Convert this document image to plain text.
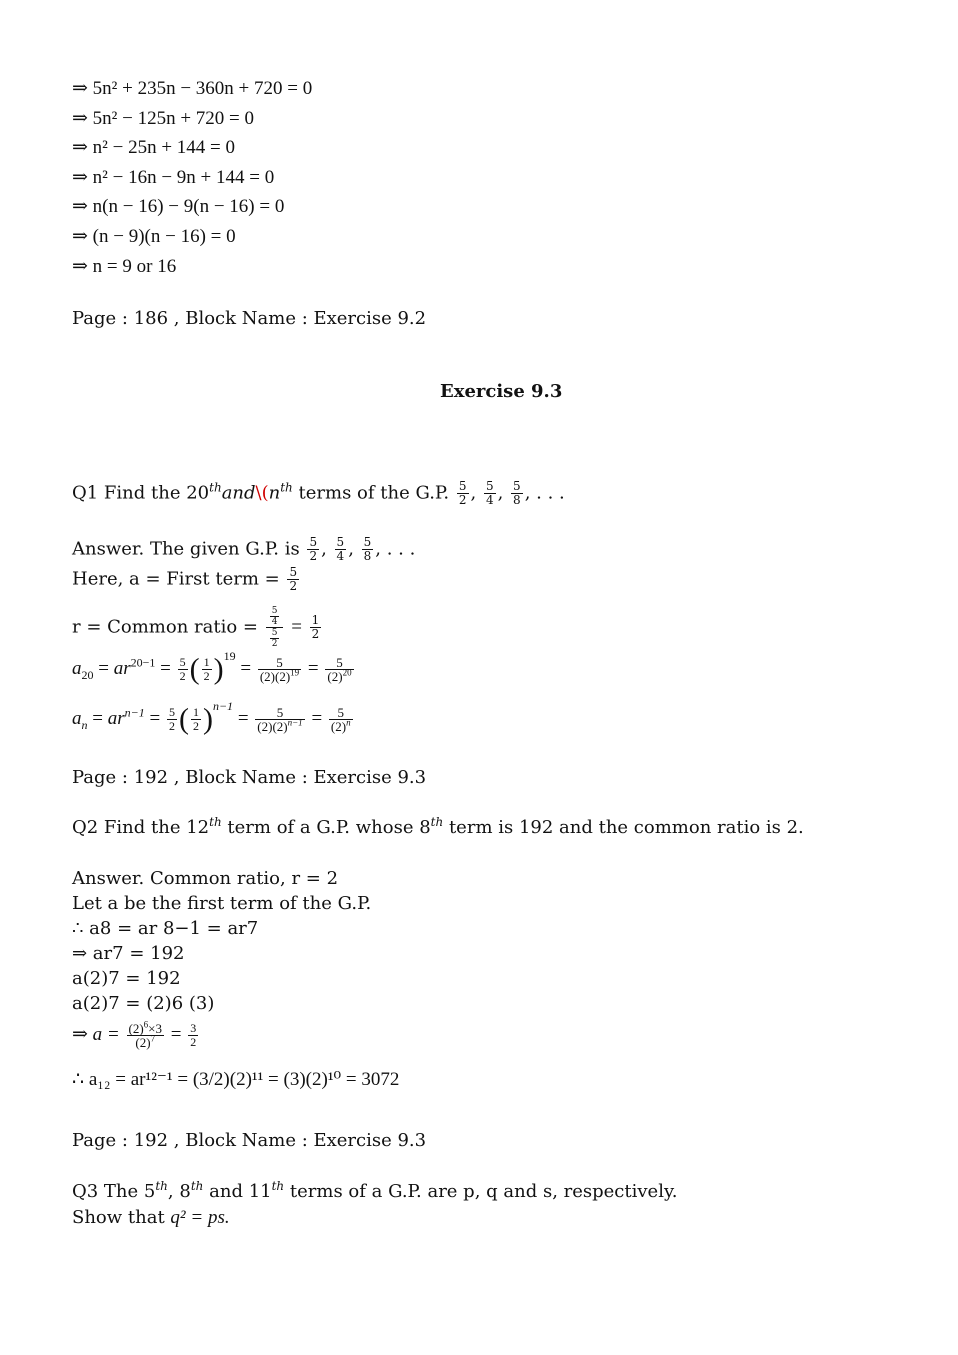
⇒ 5n² + 235n − 360n + 720 = 0
⇒ 5n² − 125n + 720 = 0
⇒ n² − 25n + 144 = 0
⇒ n² − 16n − 9n + 144 = 0
⇒ n(n − 16) − 9(n − 16) = 0
⇒ (n − 9)(n − 16) = 0
⇒ n = 9 or 16
Page : 186 , Block Name : Exercise 9.2
Exercise 9.3
Q1 Find the $20thand\backslash(n^{th}$ terms of the G.P. $\frac{5}{2}$ , $\frac{5}{4}$ , $\frac{5}{8}$ , . . .
Answer. The given G.P. is $\frac{5}{2}$ , $\frac{5}{4}$ , $\frac{5}{8}$ , . . .
Here, a = First term = $\frac{5}{2}$
r = Common ratio = $\frac{\frac{5}{4}}{\frac{5}{2}} = \frac{1}{2}$
$a_{20} = ar^{20-1} = \frac{5}{2}$ ( $\frac{1}{2} )^{19} = \frac{5}{(2)(2)^{19}} = \frac{5}{(2)^{20}}$
$a_n = ar^{n-1} = \frac{5}{2}$ ( $\frac{1}{2} )^{n-1} = \frac{5}{(2)(2)^{n-1}} = \frac{5}{(2)^n}$
Page : 192 , Block Name : Exercise 9.3
Q2 Find the 12th term of a G.P. whose 8th term is 192 and the common ratio is 2.
Answer. Common ratio, r = 2
Let a be the first term of the G.P.
∴ a8 = ar 8−1 = ar7
⇒ ar7 = 192
a(2)7 = 192
a(2)7 = (2)6 (3)
⇒ $a = \frac{(2)^6\times 3}{(2)^7} = \frac{3}{2}$
∴ a₁₂ = ar¹²⁻¹ = (3/2)(2)¹¹ = (3)(2)¹⁰ = 3072
Page : 192 , Block Name : Exercise 9.3
Q3 The 5th, 8th and 11th terms of a G.P. are p, q and s, respectively.
Show that q² = ps.
